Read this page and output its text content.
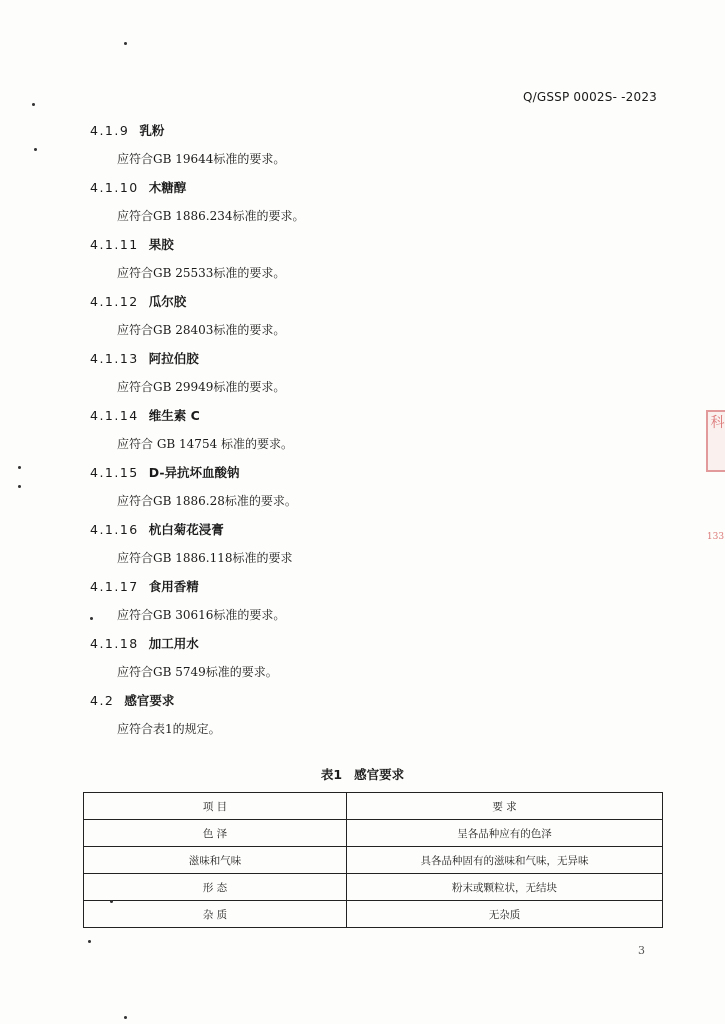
Q/GSSP 0002S- -2023
4.1.9 乳粉
应符合GB 19644标准的要求。
4.1.10 木糖醇
应符合GB 1886.234标准的要求。
4.1.11 果胶
应符合GB 25533标准的要求。
4.1.12 瓜尔胶
应符合GB 28403标准的要求。
4.1.13 阿拉伯胶
应符合GB 29949标准的要求。
4.1.14 维生素 C
应符合 GB 14754 标准的要求。
4.1.15 D-异抗坏血酸钠
应符合GB 1886.28标准的要求。
4.1.16 杭白菊花浸膏
应符合GB 1886.118标准的要求
4.1.17 食用香精
应符合GB 30616标准的要求。
4.1.18 加工用水
应符合GB 5749标准的要求。
4.2 感官要求
应符合表1的规定。
表1 感官要求
项 目	要 求
色 泽	呈各品种应有的色泽
滋味和气味	具各品种固有的滋味和气味，无异味
形 态	粉末或颗粒状，无结块
杂 质	无杂质
3
科
133
